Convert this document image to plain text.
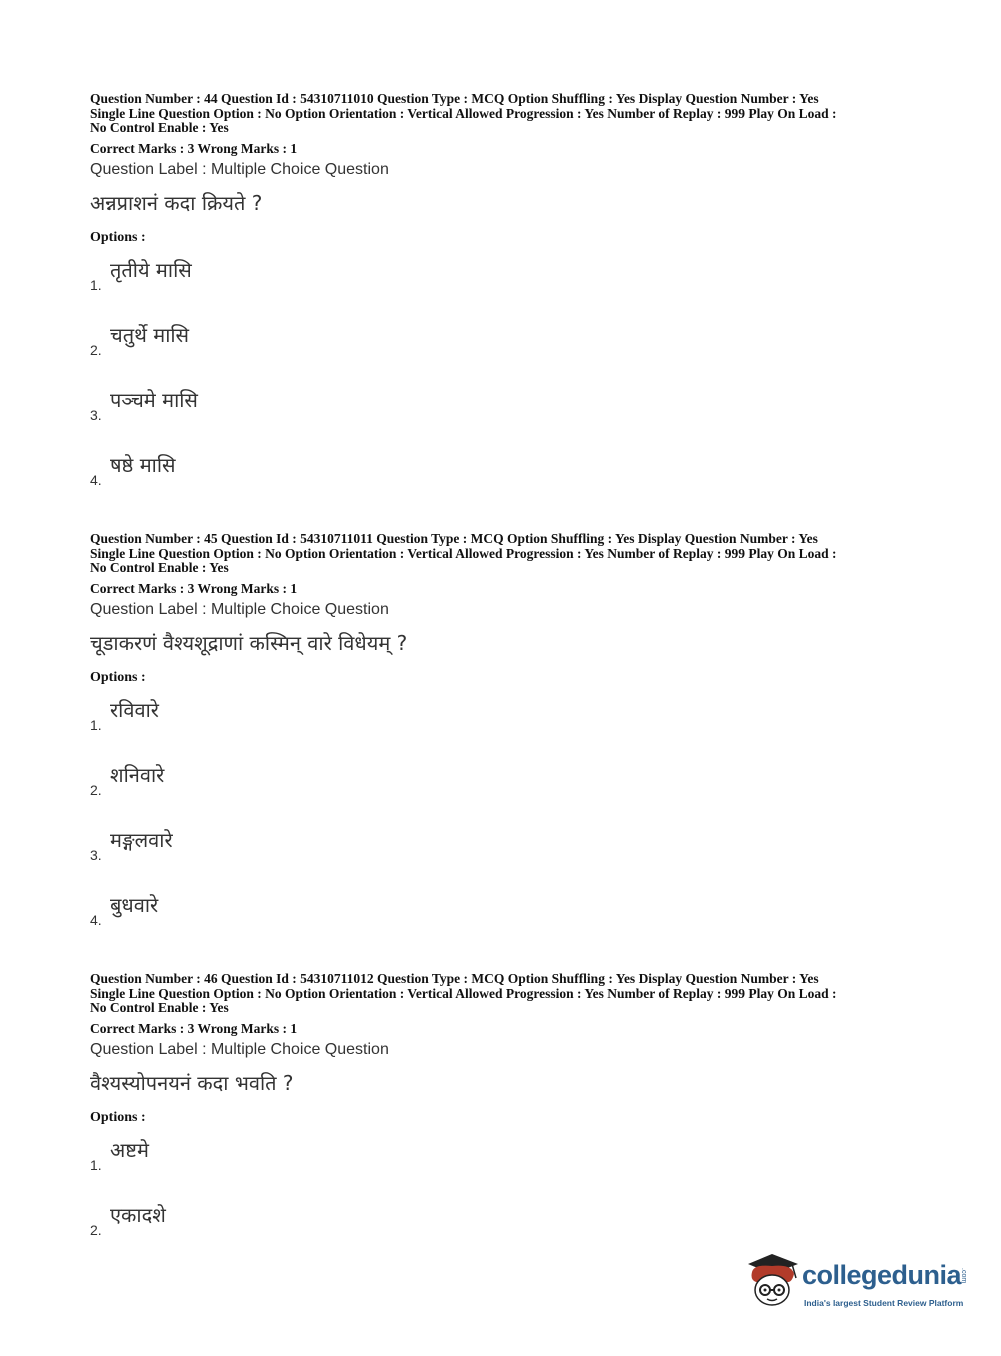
Question Number : 44 Question Id : 54310711010 Question Type : MCQ Option Shuffling : Yes Display Question Number : Yes

Single Line Question Option : No Option Orientation : Vertical Allowed Progression : Yes Number of Replay : 999 Play On Load :

No Control Enable : Yes

Correct Marks : 3 Wrong Marks : 1
Question Label : Multiple Choice Question
अन्नप्राशनं कदा क्रियते ?
Options :
1.
तृतीये मासि
2.
चतुर्थे मासि
3.
पञ्चमे मासि
4.
षष्ठे मासि

Question Number : 45 Question Id : 54310711011 Question Type : MCQ Option Shuffling : Yes Display Question Number : Yes

Single Line Question Option : No Option Orientation : Vertical Allowed Progression : Yes Number of Replay : 999 Play On Load :

No Control Enable : Yes

Correct Marks : 3 Wrong Marks : 1
Question Label : Multiple Choice Question
चूडाकरणं वैश्यशूद्राणां कस्मिन् वारे विधेयम् ?
Options :
1.
रविवारे
2.
शनिवारे
3.
मङ्गलवारे
4.
बुधवारे

Question Number : 46 Question Id : 54310711012 Question Type : MCQ Option Shuffling : Yes Display Question Number : Yes

Single Line Question Option : No Option Orientation : Vertical Allowed Progression : Yes Number of Replay : 999 Play On Load :

No Control Enable : Yes

Correct Marks : 3 Wrong Marks : 1
Question Label : Multiple Choice Question
वैश्यस्योपनयनं कदा भवति ?
Options :
1.
अष्टमे
2.
एकादशे
collegedunia
.com
India's largest Student Review Platform
